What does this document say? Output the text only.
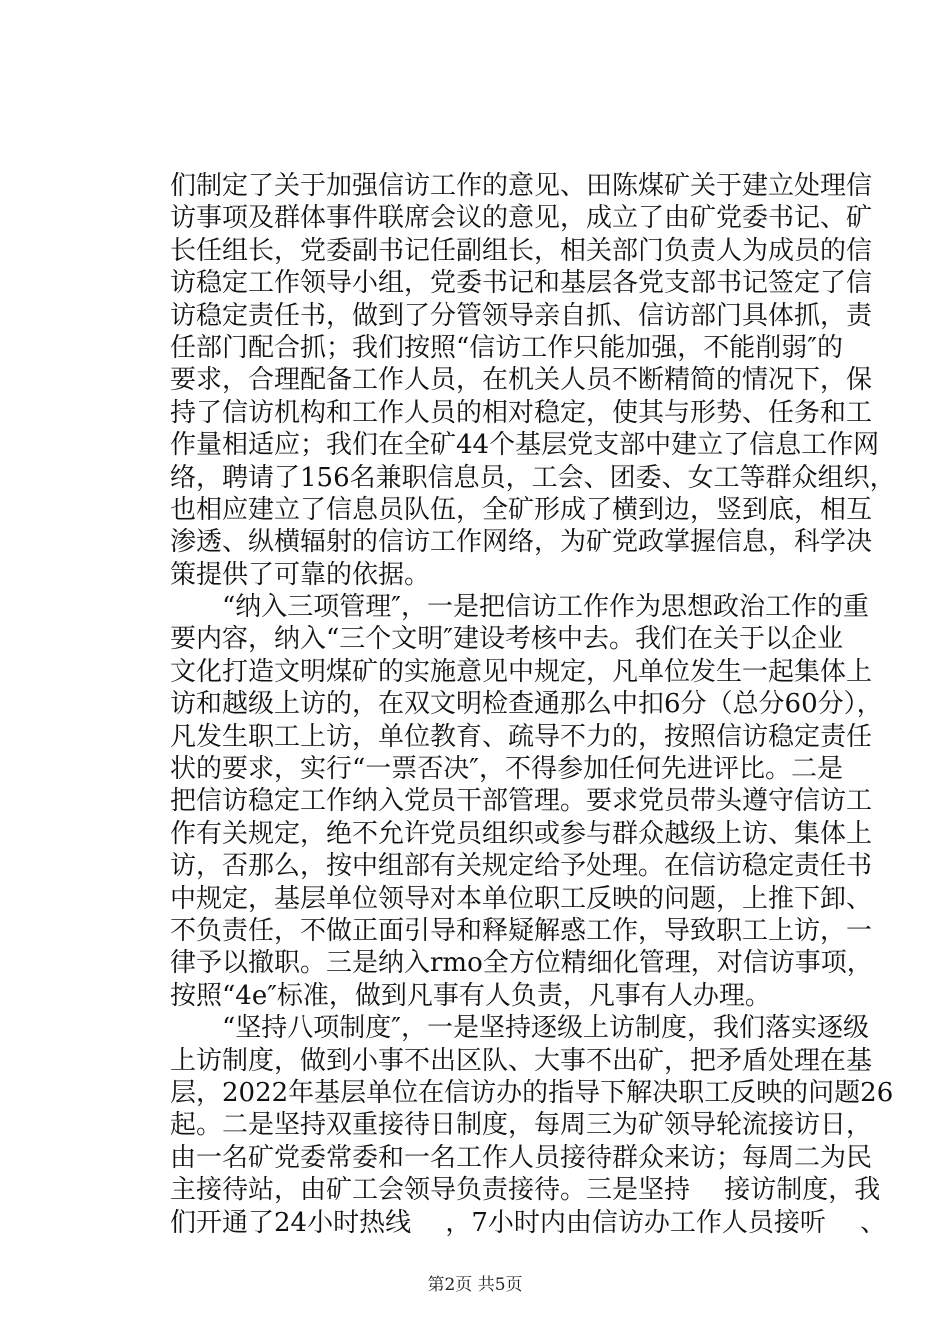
们制定了关于加强信访工作的意见、田陈煤矿关于建立处理信
访事项及群体事件联席会议的意见，成立了由矿党委书记、矿
长任组长，党委副书记任副组长，相关部门负责人为成员的信
访稳定工作领导小组，党委书记和基层各党支部书记签定了信
访稳定责任书，做到了分管领导亲自抓、信访部门具体抓，责
任部门配合抓；我们按照“信访工作只能加强，不能削弱″的
要求，合理配备工作人员，在机关人员不断精简的情况下，保
持了信访机构和工作人员的相对稳定，使其与形势、任务和工
作量相适应；我们在全矿44个基层党支部中建立了信息工作网
络，聘请了156名兼职信息员，工会、团委、女工等群众组织，
也相应建立了信息员队伍，全矿形成了横到边，竖到底，相互
渗透、纵横辐射的信访工作网络，为矿党政掌握信息，科学决
策提供了可靠的依据。
　　“纳入三项管理″，一是把信访工作作为思想政治工作的重
要内容，纳入“三个文明″建设考核中去。我们在关于以企业
文化打造文明煤矿的实施意见中规定，凡单位发生一起集体上
访和越级上访的，在双文明检查通那么中扣6分（总分60分），
凡发生职工上访，单位教育、疏导不力的，按照信访稳定责任
状的要求，实行“一票否决″，不得参加任何先进评比。二是
把信访稳定工作纳入党员干部管理。要求党员带头遵守信访工
作有关规定，绝不允许党员组织或参与群众越级上访、集体上
访，否那么，按中组部有关规定给予处理。在信访稳定责任书
中规定，基层单位领导对本单位职工反映的问题，上推下卸、
不负责任，不做正面引导和释疑解惑工作，导致职工上访，一
律予以撤职。三是纳入rmo全方位精细化管理，对信访事项，
按照“4e″标准，做到凡事有人负责，凡事有人办理。
　　“坚持八项制度″，一是坚持逐级上访制度，我们落实逐级
上访制度，做到小事不出区队、大事不出矿，把矛盾处理在基
层，2022年基层单位在信访办的指导下解决职工反映的问题26
起。二是坚持双重接待日制度，每周三为矿领导轮流接访日，
由一名矿党委常委和一名工作人员接待群众来访；每周二为民
主接待站，由矿工会领导负责接待。三是坚持　 接访制度，我
们开通了24小时热线　 ，7小时内由信访办工作人员接听　 、
第2页 共5页
